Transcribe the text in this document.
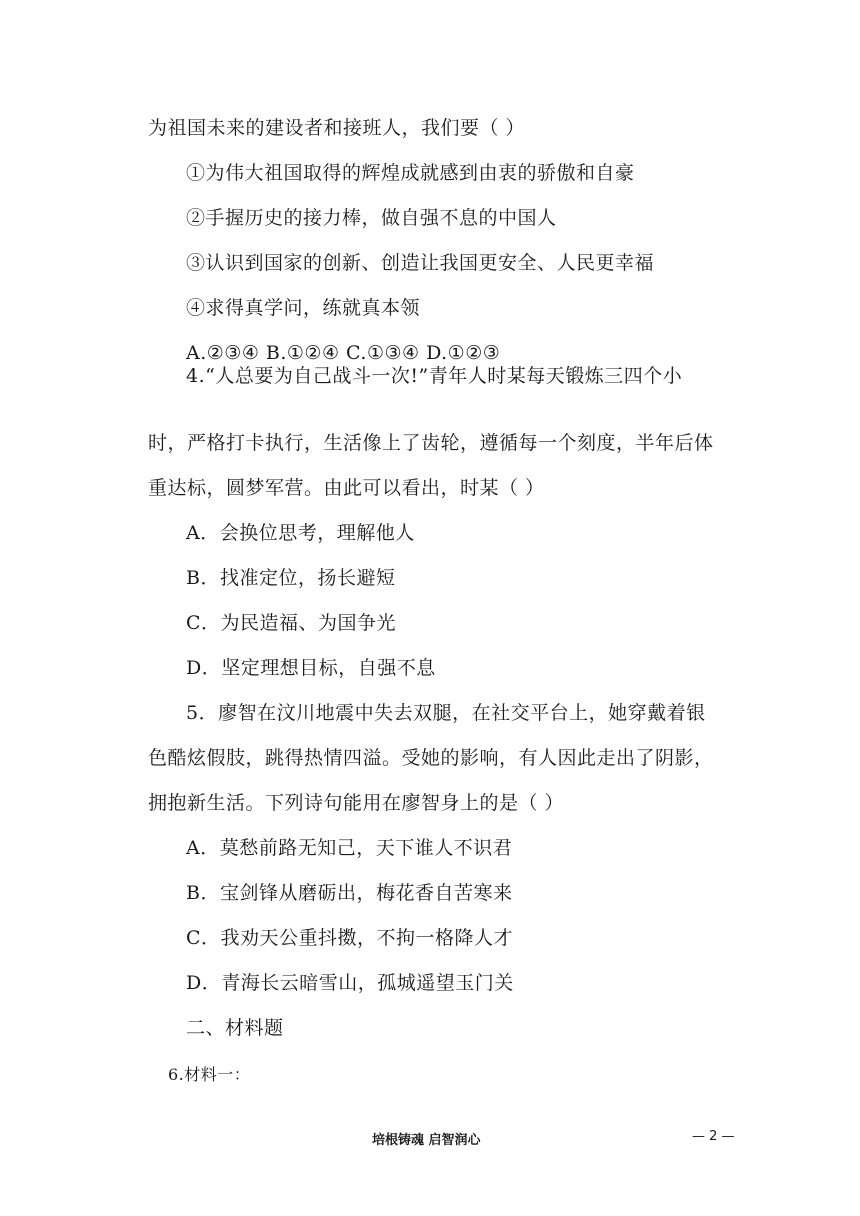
为祖国未来的建设者和接班人，我们要（ ）
①为伟大祖国取得的辉煌成就感到由衷的骄傲和自豪
②手握历史的接力棒，做自强不息的中国人
③认识到国家的创新、创造让我国更安全、人民更幸福
④求得真学问，练就真本领
A.②③④ B.①②④ C.①③④ D.①②③
4.“人总要为自己战斗一次!”青年人时某每天锻炼三四个小
时，严格打卡执行，生活像上了齿轮，遵循每一个刻度，半年后体
重达标，圆梦军营。由此可以看出，时某（ ）
A．会换位思考，理解他人
B．找准定位，扬长避短
C．为民造福、为国争光
D．坚定理想目标，自强不息
5．廖智在汶川地震中失去双腿，在社交平台上，她穿戴着银
色酷炫假肢，跳得热情四溢。受她的影响，有人因此走出了阴影，
拥抱新生活。下列诗句能用在廖智身上的是（ ）
A．莫愁前路无知己，天下谁人不识君
B．宝剑锋从磨砺出，梅花香自苦寒来
C．我劝天公重抖擞，不拘一格降人才
D．青海长云暗雪山，孤城遥望玉门关
二、材料题
6.材料一：
培根铸魂 启智润心	— 2 —
